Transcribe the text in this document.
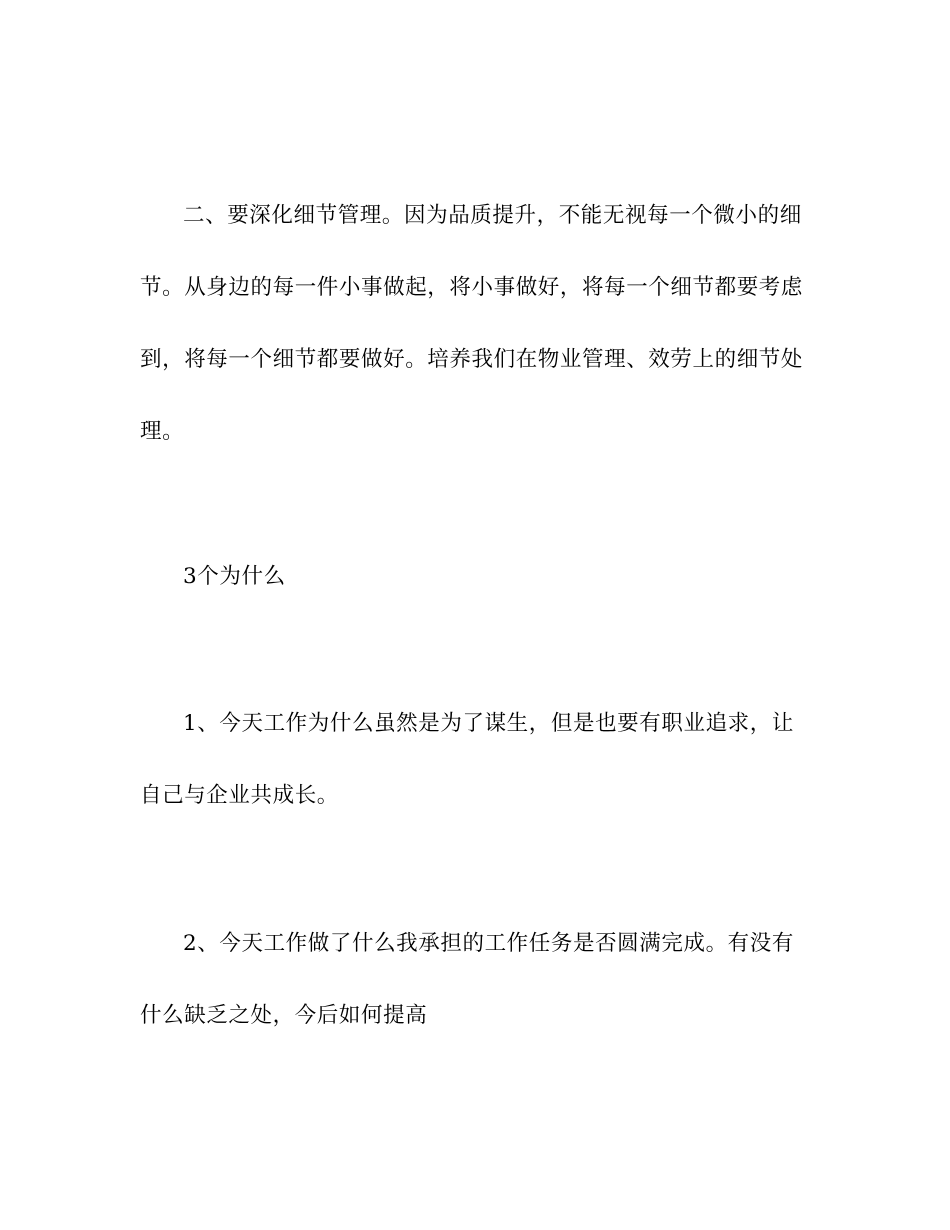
二、要深化细节管理。因为品质提升，不能无视每一个微小的细节。从身边的每一件小事做起，将小事做好，将每一个细节都要考虑到，将每一个细节都要做好。培养我们在物业管理、效劳上的细节处理。

3个为什么

1、今天工作为什么虽然是为了谋生，但是也要有职业追求，让自己与企业共成长。

2、今天工作做了什么我承担的工作任务是否圆满完成。有没有什么缺乏之处，今后如何提高
